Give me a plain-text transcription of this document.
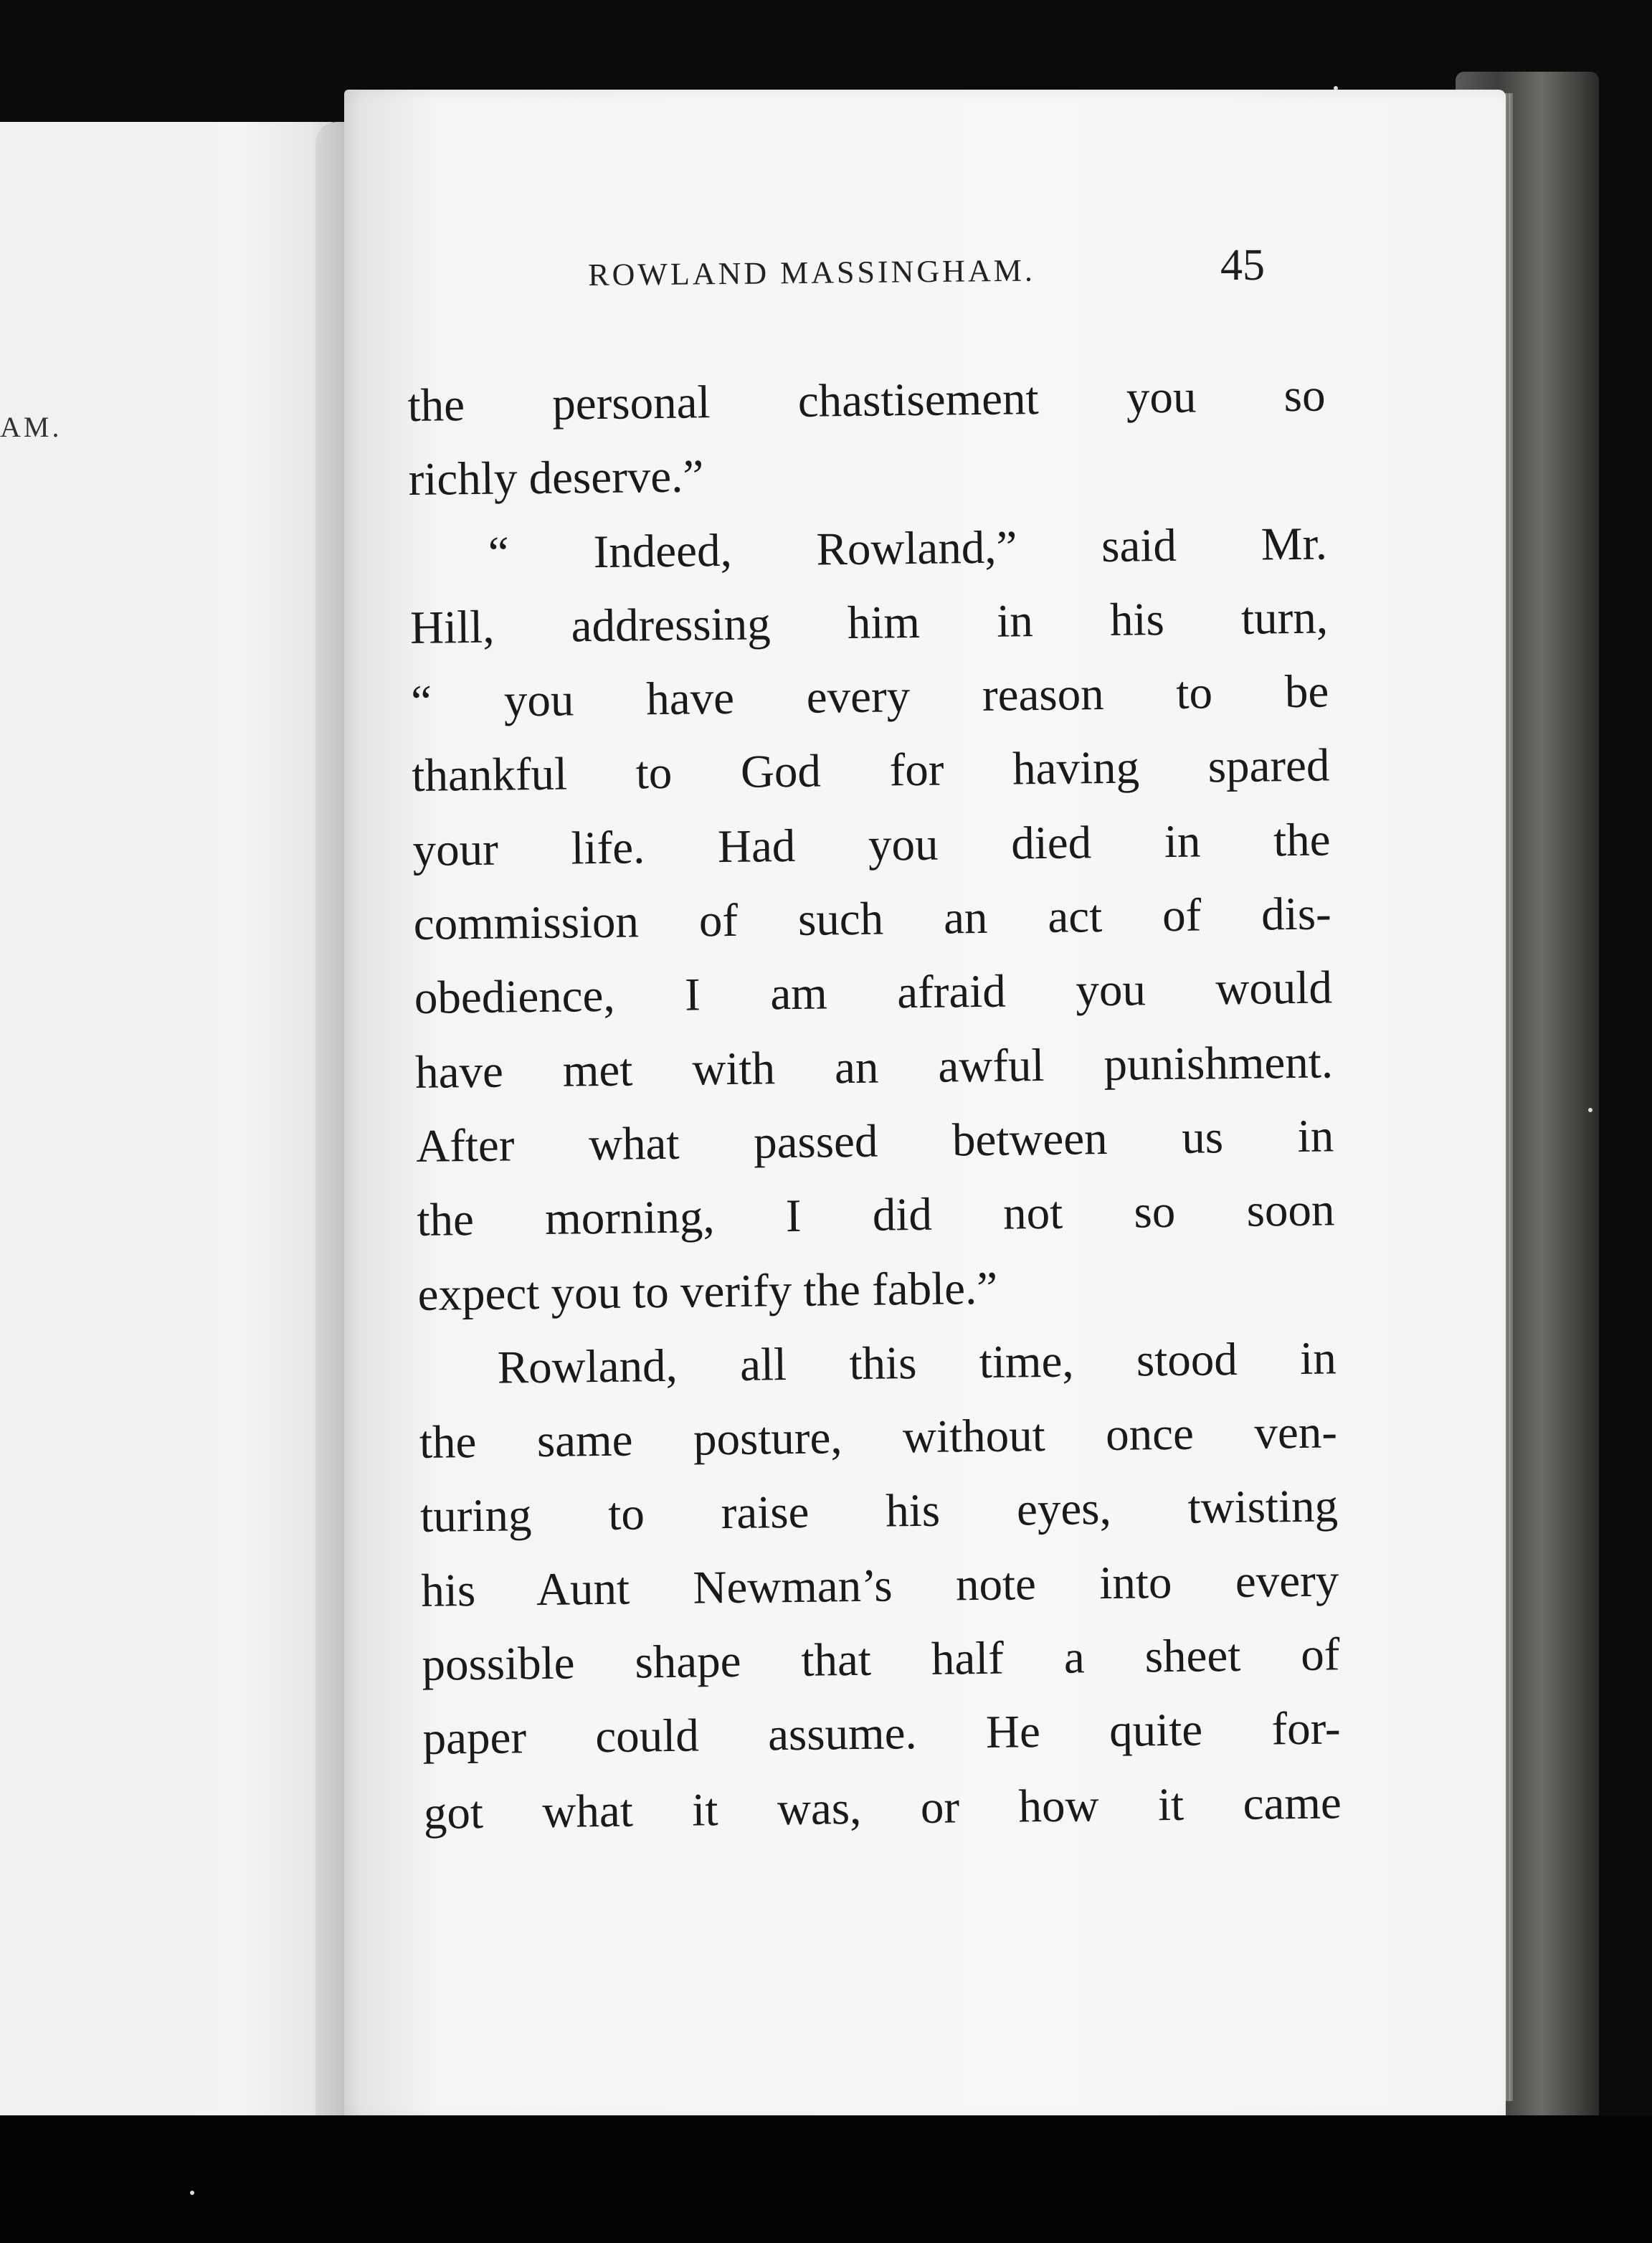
AM.
ROWLAND MASSINGHAM.	45
the personal chastisement you so
richly deserve.”
“ Indeed, Rowland,” said Mr.
Hill, addressing him in his turn,
“ you have every reason to be
thankful to God for having spared
your life. Had you died in the
commission of such an act of dis-
obedience, I am afraid you would
have met with an awful punishment.
After what passed between us in
the morning, I did not so soon
expect you to verify the fable.”
Rowland, all this time, stood in
the same posture, without once ven-
turing to raise his eyes, twisting
his Aunt Newman’s note into every
possible shape that half a sheet of
paper could assume. He quite for-
got what it was, or how it came
